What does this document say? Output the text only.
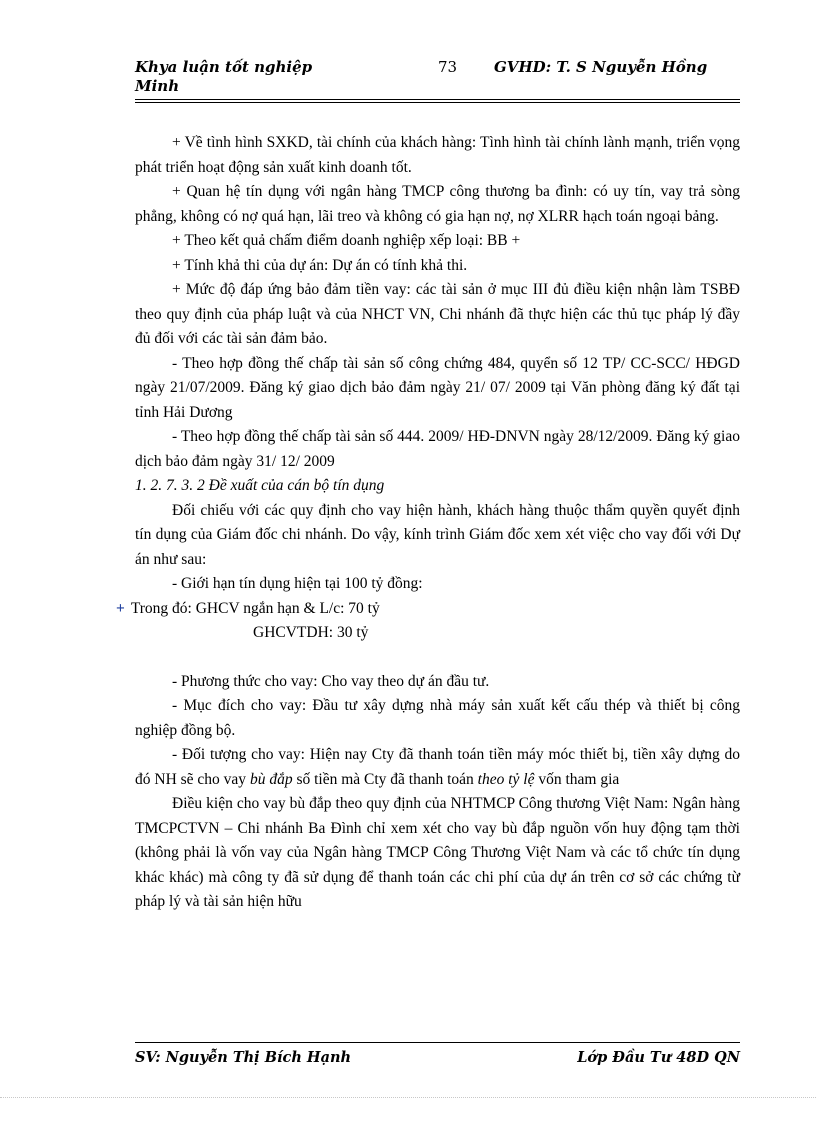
Khya luận tốt nghiệp Minh
73 GVHD: T. S Nguyễn Hồng

+ Về tình hình SXKD, tài chính của khách hàng: Tình hình tài chính lành mạnh, triển vọng phát triển hoạt động sản xuất kinh doanh tốt.

+ Quan hệ tín dụng với ngân hàng TMCP công thương ba đình: có uy tín, vay trả sòng phẳng, không có nợ quá hạn, lãi treo và không có gia hạn nợ, nợ XLRR hạch toán ngoại bảng.

+ Theo kết quả chấm điểm doanh nghiệp xếp loại: BB +

+ Tính khả thi của dự án: Dự án có tính khả thi.

+ Mức độ đáp ứng bảo đảm tiền vay: các tài sản ở mục III đủ điều kiện nhận làm TSBĐ theo quy định của pháp luật và của NHCT VN, Chi nhánh đã thực hiện các thủ tục pháp lý đầy đủ đối với các tài sản đảm bảo.

- Theo hợp đồng thế chấp tài sản số công chứng 484, quyển số 12 TP/ CC-SCC/ HĐGD ngày 21/07/2009. Đăng ký giao dịch bảo đảm ngày 21/ 07/ 2009 tại Văn phòng đăng ký đất tại tỉnh Hải Dương

- Theo hợp đồng thế chấp tài sản số 444. 2009/ HĐ-DNVN ngày 28/12/2009. Đăng ký giao dịch bảo đảm ngày 31/ 12/ 2009

1. 2. 7. 3. 2 Đề xuất của cán bộ tín dụng

Đối chiếu với các quy định cho vay hiện hành, khách hàng thuộc thẩm quyền quyết định tín dụng của Giám đốc chi nhánh. Do vậy, kính trình Giám đốc xem xét việc cho vay đối với Dự án như sau:

- Giới hạn tín dụng hiện tại 100 tỷ đồng:

+ Trong đó: GHCV ngắn hạn & L/c: 70 tỷ

GHCVTDH: 30 tỷ

- Phương thức cho vay: Cho vay theo dự án đầu tư.

- Mục đích cho vay: Đầu tư xây dựng nhà máy sản xuất kết cấu thép và thiết bị công nghiệp đồng bộ.

- Đối tượng cho vay: Hiện nay Cty đã thanh toán tiền máy móc thiết bị, tiền xây dựng do đó NH sẽ cho vay bù đắp số tiền mà Cty đã thanh toán theo tỷ lệ vốn tham gia

Điều kiện cho vay bù đắp theo quy định của NHTMCP Công thương Việt Nam: Ngân hàng TMCPCTVN – Chi nhánh Ba Đình chỉ xem xét cho vay bù đắp nguồn vốn huy động tạm thời (không phải là vốn vay của Ngân hàng TMCP Công Thương Việt Nam và các tổ chức tín dụng khác khác) mà công ty đã sử dụng để thanh toán các chi phí của dự án trên cơ sở các chứng từ pháp lý và tài sản hiện hữu

SV: Nguyễn Thị Bích Hạnh	Lớp Đầu Tư 48D QN
